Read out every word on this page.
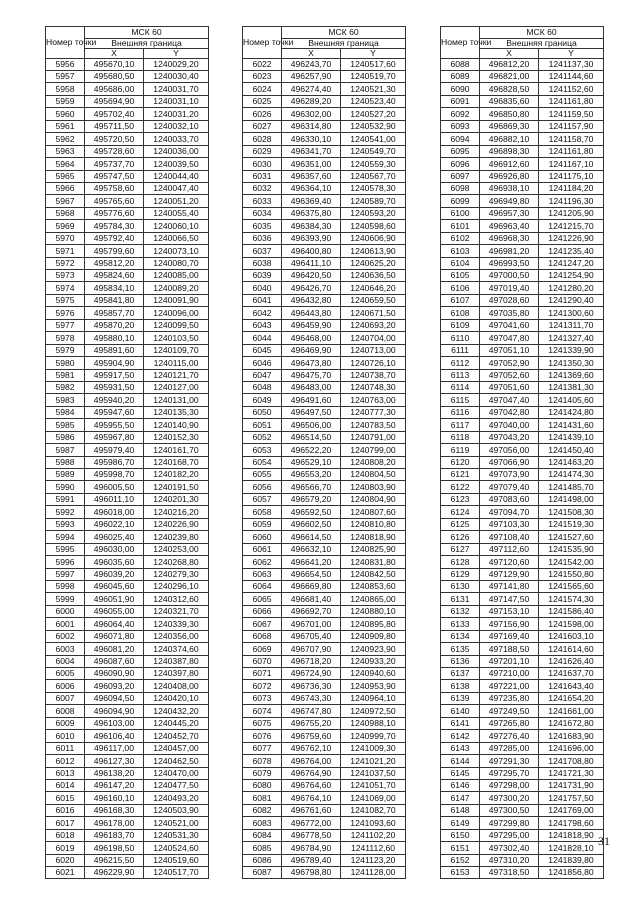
Номер точки	МСК 60	
	Внешняя граница	
	X	Y
5956	495670,10	1240029,20
5957	495680,50	1240030,40
5958	495686,00	1240031,70
5959	495694,90	1240031,10
5960	495702,40	1240031,20
5961	495711,50	1240032,10
5962	495720,50	1240033,70
5963	495728,60	1240036,00
5964	495737,70	1240039,50
5965	495747,50	1240044,40
5966	495758,60	1240047,40
5967	495765,60	1240051,20
5968	495776,60	1240055,40
5969	495784,30	1240060,10
5970	495792,40	1240066,50
5971	495799,60	1240073,10
5972	495812,20	1240080,70
5973	495824,60	1240085,00
5974	495834,10	1240089,20
5975	495841,80	1240091,90
5976	495857,70	1240096,00
5977	495870,20	1240099,50
5978	495880,10	1240103,50
5979	495891,60	1240109,70
5980	495904,90	1240115,00
5981	495917,50	1240121,70
5982	495931,50	1240127,00
5983	495940,20	1240131,00
5984	495947,60	1240135,30
5985	495955,50	1240140,90
5986	495967,80	1240152,30
5987	495979,40	1240161,70
5988	495986,70	1240168,70
5989	495998,70	1240182,20
5990	496005,50	1240191,50
5991	496011,10	1240201,30
5992	496018,00	1240216,20
5993	496022,10	1240226,90
5994	496025,40	1240239,80
5995	496030,00	1240253,00
5996	496035,60	1240268,80
5997	496039,20	1240279,30
5998	496045,60	1240296,10
5999	496051,90	1240312,60
6000	496055,00	1240321,70
6001	496064,40	1240339,30
6002	496071,80	1240356,00
6003	496081,20	1240374,60
6004	496087,60	1240387,80
6005	496090,90	1240397,80
6006	496093,20	1240408,00
6007	496094,50	1240420,10
6008	496094,90	1240432,20
6009	496103,00	1240445,20
6010	496106,40	1240452,70
6011	496117,00	1240457,00
6012	496127,30	1240462,50
6013	496138,20	1240470,00
6014	496147,20	1240477,50
6015	496160,10	1240493,20
6016	496168,30	1240503,90
6017	496178,00	1240521,00
6018	496183,70	1240531,30
6019	496198,50	1240524,60
6020	496215,50	1240519,60
6021	496229,90	1240517,70
Номер точки	МСК 60	
	Внешняя граница	
	X	Y
6022	496243,70	1240517,60
6023	496257,90	1240519,70
6024	496274,40	1240521,30
6025	496289,20	1240523,40
6026	496302,00	1240527,20
6027	496314,80	1240532,90
6028	496330,10	1240541,00
6029	496341,70	1240549,70
6030	496351,00	1240559,30
6031	496357,60	1240567,70
6032	496364,10	1240578,30
6033	496369,40	1240589,70
6034	496375,80	1240593,20
6035	496384,30	1240598,60
6036	496393,90	1240606,90
6037	496400,80	1240613,90
6038	496411,10	1240625,20
6039	496420,50	1240636,50
6040	496426,70	1240646,20
6041	496432,80	1240659,50
6042	496443,80	1240671,50
6043	496459,90	1240693,20
6044	496468,00	1240704,00
6045	496469,90	1240713,00
6046	496473,80	1240726,10
6047	496475,70	1240738,70
6048	496483,00	1240748,30
6049	496491,60	1240763,00
6050	496497,50	1240777,30
6051	496506,00	1240783,50
6052	496514,50	1240791,00
6053	496522,20	1240799,00
6054	496529,10	1240808,20
6055	496553,20	1240804,50
6056	496566,70	1240803,90
6057	496579,20	1240804,90
6058	496592,50	1240807,60
6059	496602,50	1240810,80
6060	496614,50	1240818,90
6061	496632,10	1240825,90
6062	496641,20	1240831,80
6063	496654,50	1240842,50
6064	496669,80	1240853,60
6065	496681,40	1240865,00
6066	496692,70	1240880,10
6067	496701,00	1240895,80
6068	496705,40	1240909,80
6069	496707,90	1240923,90
6070	496718,20	1240933,20
6071	496724,90	1240940,60
6072	496736,30	1240953,90
6073	496743,30	1240964,10
6074	496747,80	1240972,50
6075	496755,20	1240988,10
6076	496759,60	1240999,70
6077	496762,10	1241009,30
6078	496764,00	1241021,20
6079	496764,90	1241037,50
6080	496764,60	1241051,70
6081	496764,10	1241069,00
6082	496761,60	1241082,70
6083	496772,00	1241093,60
6084	496778,50	1241102,20
6085	496784,90	1241112,60
6086	496789,40	1241123,20
6087	496798,80	1241128,00
Номер точки	МСК 60	
	Внешняя граница	
	X	Y
6088	496812,20	1241137,30
6089	496821,00	1241144,60
6090	496828,50	1241152,60
6091	496835,60	1241161,80
6092	496850,80	1241159,50
6093	496869,30	1241157,90
6094	496882,10	1241158,70
6095	496898,30	1241161,80
6096	496912,60	1241167,10
6097	496926,80	1241175,10
6098	496938,10	1241184,20
6099	496949,80	1241196,30
6100	496957,30	1241205,90
6101	496963,40	1241215,70
6102	496968,30	1241226,90
6103	496981,20	1241235,40
6104	496993,50	1241247,20
6105	497000,50	1241254,90
6106	497019,40	1241280,20
6107	497028,60	1241290,40
6108	497035,80	1241300,60
6109	497041,60	1241311,70
6110	497047,80	1241327,40
6111	497051,10	1241339,90
6112	497052,90	1241350,30
6113	497052,60	1241369,60
6114	497051,60	1241381,30
6115	497047,40	1241405,60
6116	497042,80	1241424,80
6117	497040,00	1241431,60
6118	497043,20	1241439,10
6119	497056,00	1241450,40
6120	497066,90	1241463,20
6121	497073,90	1241474,30
6122	497079,40	1241485,70
6123	497083,60	1241498,00
6124	497094,70	1241508,30
6125	497103,30	1241519,30
6126	497108,40	1241527,60
6127	497112,60	1241535,90
6128	497120,60	1241542,00
6129	497129,90	1241550,80
6130	497141,80	1241565,60
6131	497147,50	1241574,30
6132	497153,10	1241586,40
6133	497156,90	1241598,00
6134	497169,40	1241603,10
6135	497188,50	1241614,60
6136	497201,10	1241626,40
6137	497210,00	1241637,70
6138	497221,00	1241643,40
6139	497235,80	1241654,20
6140	497249,50	1241661,00
6141	497265,80	1241672,80
6142	497276,40	1241683,90
6143	497285,00	1241696,00
6144	497291,30	1241708,80
6145	497295,70	1241721,30
6146	497298,00	1241731,90
6147	497300,20	1241757,50
6148	497300,50	1241769,00
6149	497299,80	1241798,60
6150	497295,00	1241818,90
6151	497302,40	1241828,10
6152	497310,20	1241839,80
6153	497318,50	1241856,80
31
